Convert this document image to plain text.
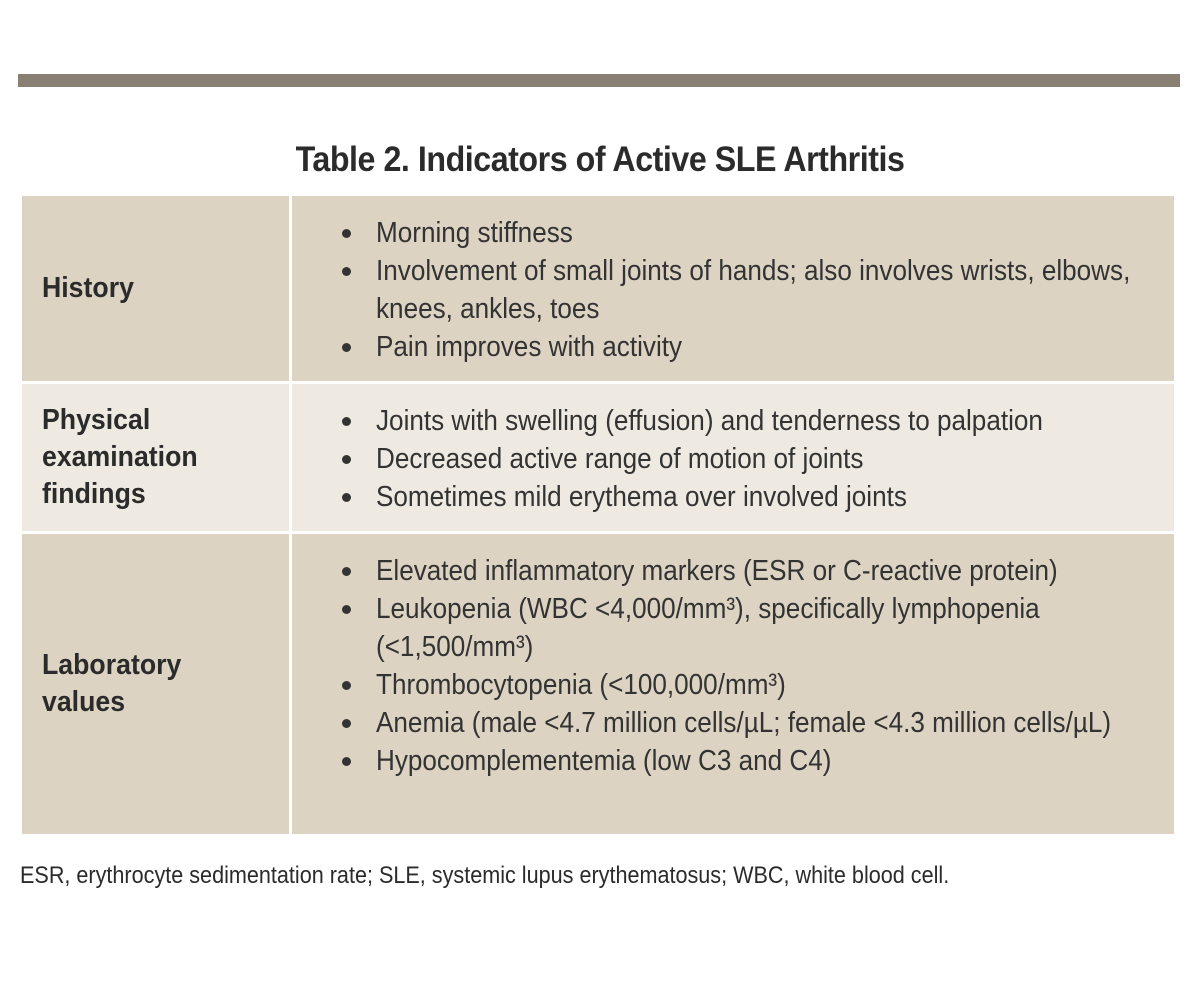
Table 2. Indicators of Active SLE Arthritis
History
Morning stiffness
Involvement of small joints of hands; also involves wrists, elbows, knees, ankles, toes
Pain improves with activity
Physical examination findings
Joints with swelling (effusion) and tenderness to palpation
Decreased active range of motion of joints
Sometimes mild erythema over involved joints
Laboratory values
Elevated inflammatory markers (ESR or C-reactive protein)
Leukopenia (WBC <4,000/mm³), specifically lymphopenia (<1,500/mm³)
Thrombocytopenia (<100,000/mm³)
Anemia (male <4.7 million cells/µL; female <4.3 million cells/µL)
Hypocomplementemia (low C3 and C4)
ESR, erythrocyte sedimentation rate; SLE, systemic lupus erythematosus; WBC, white blood cell.
